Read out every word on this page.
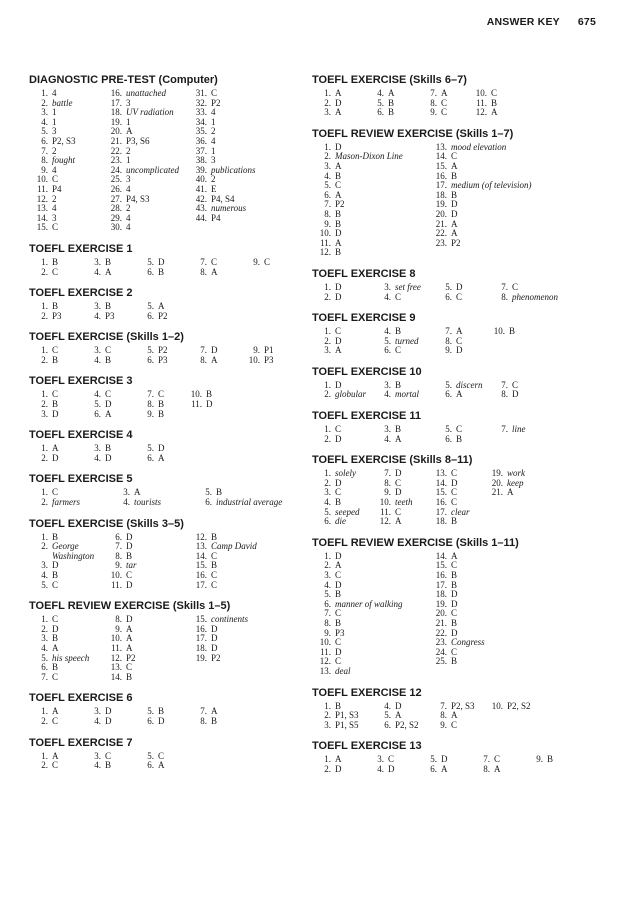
ANSWER KEY 675
DIAGNOSTIC PRE-TEST (Computer)
1. 4	16. unattached	31. C
2. battle	17. 3	32. P2
3. 1	18. UV radiation 33. 4
4. 1	19. 1	34. 1
5. 3	20. A	35. 2
6. P2, S3	21. P3, S6	36. 4
7. 2	22. 2	37. 1
8. fought	23. 1	38. 3
9. 4	24. uncomplicated 39. publications
10. C	25. 3	40. 2
11. P4	26. 4	41. E
12. 2	27. P4, S3	42. P4, S4
13. 4	28. 2	43. numerous
14. 3	29. 4	44. P4
15. C	30. 4
TOEFL EXERCISE 1
1. B	3. B	5. D	7. C	9. C
2. C	4. A	6. B	8. A
TOEFL EXERCISE 2
1. B	3. B	5. A
2. P3	4. P3	6. P2
TOEFL EXERCISE (Skills 1–2)
1. C	3. C	5. P2	7. D	9. P1
2. B	4. B	6. P3	8. A	10. P3
TOEFL EXERCISE 3
1. C	4. C	7. C	10. B
2. B	5. D	8. B	11. D
3. D	6. A	9. B
TOEFL EXERCISE 4
1. A	3. B	5. D
2. D	4. D	6. A
TOEFL EXERCISE 5
1. C	3. A	5. B
2. farmers	4. tourists	6. industrial average
TOEFL EXERCISE (Skills 3–5)
1. B	6. D	12. B
2. George	7. D	13. Camp David
Washington 8. B	14. C
3. D	9. tar	15. B
4. B	10. C	16. C
5. C	11. D	17. C
TOEFL REVIEW EXERCISE (Skills 1–5)
1. C	8. D	15. continents
2. D	9. A	16. D
3. B	10. A	17. D
4. A	11. A	18. D
5. his speech 12. P2	19. P2
6. B	13. C
7. C	14. B
TOEFL EXERCISE 6
1. A	3. D	5. B	7. A
2. C	4. D	6. D	8. B
TOEFL EXERCISE 7
1. A	3. C	5. C
2. C	4. B	6. A
TOEFL EXERCISE (Skills 6–7)
1. A	4. A	7. A	10. C
2. D	5. B	8. C	11. B
3. A	6. B	9. C	12. A
TOEFL REVIEW EXERCISE (Skills 1–7)
1. D	13. mood elevation
2. Mason-Dixon Line	14. C
3. A	15. A
4. B	16. B
5. C	17. medium (of television)
6. A	18. B
7. P2	19. D
8. B	20. D
9. B	21. A
10. D	22. A
11. A	23. P2
12. B
TOEFL EXERCISE 8
1. D	3. set free	5. D	7. C
2. D	4. C	6. C	8. phenomenon
TOEFL EXERCISE 9
1. C	4. B	7. A	10. B
2. D	5. turned	8. C
3. A	6. C	9. D
TOEFL EXERCISE 10
1. D	3. B	5. discern 7. C
2. globular 4. mortal	6. A	8. D
TOEFL EXERCISE 11
1. C	3. B	5. C	7. line
2. D	4. A	6. B
TOEFL EXERCISE (Skills 8–11)
1. solely	7. D	13. C	19. work
2. D	8. C	14. D	20. keep
3. C	9. D	15. C	21. A
4. B	10. teeth	16. C
5. seeped 11. C	17. clear
6. die	12. A	18. B
TOEFL REVIEW EXERCISE (Skills 1–11)
1. D	14. A
2. A	15. C
3. C	16. B
4. D	17. B
5. B	18. D
6. manner of walking	19. D
7. C	20. C
8. B	21. B
9. P3	22. D
10. C	23. Congress
11. D	24. C
12. C	25. B
13. deal
TOEFL EXERCISE 12
1. B	4. D	7. P2, S3 10. P2, S2
2. P1, S3	5. A	8. A
3. P1, S5	6. P2, S2 9. C
TOEFL EXERCISE 13
1. A	3. C	5. D	7. C	9. B
2. D	4. D	6. A	8. A
